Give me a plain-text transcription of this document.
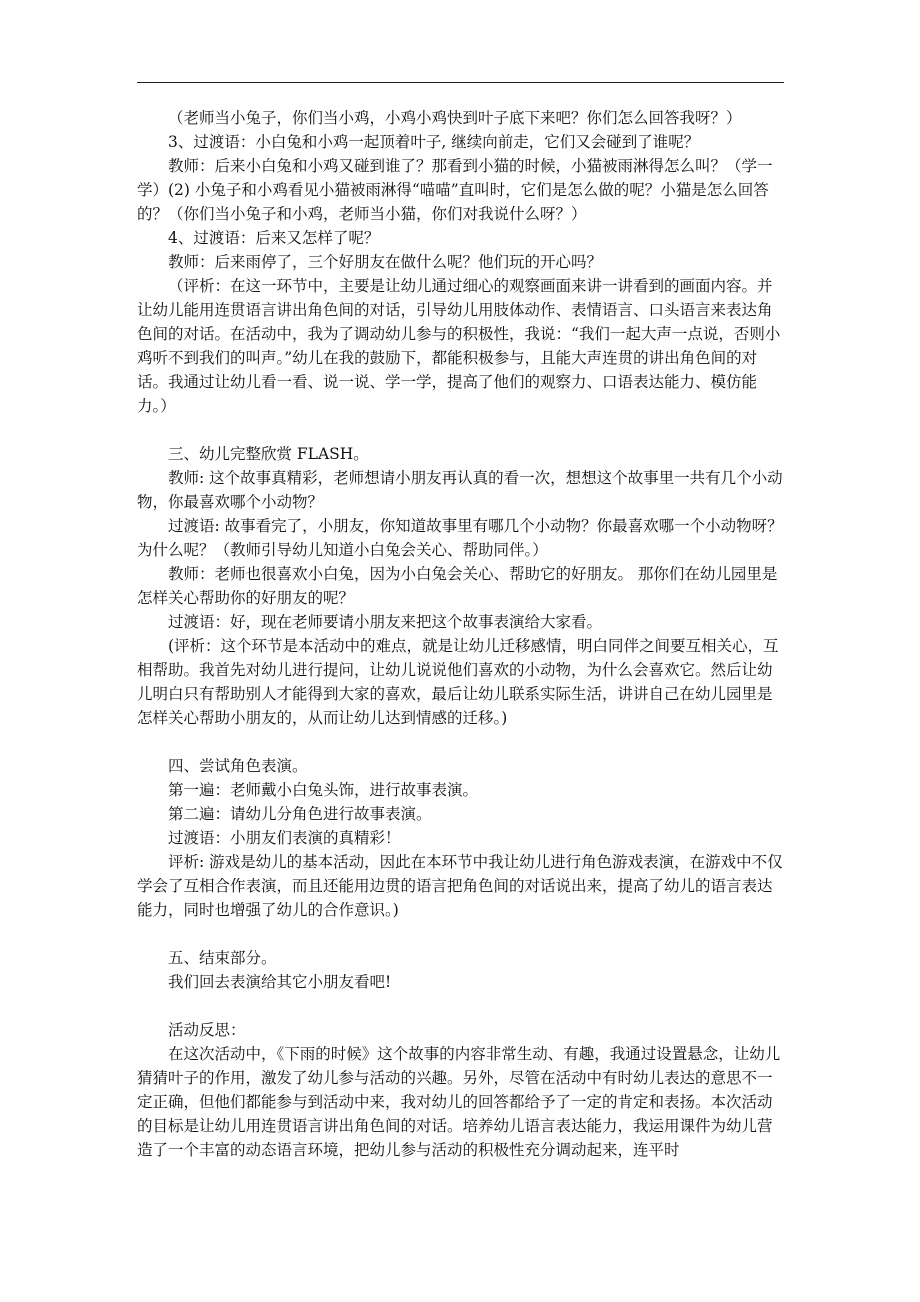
（老师当小兔子，你们当小鸡，小鸡小鸡快到叶子底下来吧？你们怎么回答我呀？）

3、过渡语：小白兔和小鸡一起顶着叶子, 继续向前走，它们又会碰到了谁呢？

教师：后来小白兔和小鸡又碰到谁了？那看到小猫的时候，小猫被雨淋得怎么叫？（学一学）(2) 小兔子和小鸡看见小猫被雨淋得“喵喵”直叫时，它们是怎么做的呢？小猫是怎么回答的？（你们当小兔子和小鸡，老师当小猫，你们对我说什么呀？）

4、过渡语：后来又怎样了呢？

教师：后来雨停了，三个好朋友在做什么呢？他们玩的开心吗？

（评析：在这一环节中，主要是让幼儿通过细心的观察画面来讲一讲看到的画面内容。并让幼儿能用连贯语言讲出角色间的对话，引导幼儿用肢体动作、表情语言、口头语言来表达角色间的对话。在活动中，我为了调动幼儿参与的积极性，我说：“我们一起大声一点说，否则小鸡听不到我们的叫声。”幼儿在我的鼓励下，都能积极参与，且能大声连贯的讲出角色间的对话。我通过让幼儿看一看、说一说、学一学，提高了他们的观察力、口语表达能力、模仿能力。）

三、幼儿完整欣赏 FLASH。

教师: 这个故事真精彩，老师想请小朋友再认真的看一次，想想这个故事里一共有几个小动物，你最喜欢哪个小动物？

过渡语: 故事看完了，小朋友，你知道故事里有哪几个小动物？你最喜欢哪一个小动物呀？为什么呢？（教师引导幼儿知道小白兔会关心、帮助同伴。）

教师：老师也很喜欢小白兔，因为小白兔会关心、帮助它的好朋友。 那你们在幼儿园里是怎样关心帮助你的好朋友的呢？

过渡语：好，现在老师要请小朋友来把这个故事表演给大家看。

(评析：这个环节是本活动中的难点，就是让幼儿迁移感情，明白同伴之间要互相关心，互相帮助。我首先对幼儿进行提问，让幼儿说说他们喜欢的小动物，为什么会喜欢它。然后让幼儿明白只有帮助别人才能得到大家的喜欢，最后让幼儿联系实际生活，讲讲自己在幼儿园里是怎样关心帮助小朋友的，从而让幼儿达到情感的迁移。)

四、尝试角色表演。

第一遍：老师戴小白兔头饰，进行故事表演。

第二遍：请幼儿分角色进行故事表演。

过渡语：小朋友们表演的真精彩！

评析: 游戏是幼儿的基本活动，因此在本环节中我让幼儿进行角色游戏表演，在游戏中不仅学会了互相合作表演，而且还能用边贯的语言把角色间的对话说出来，提高了幼儿的语言表达能力，同时也增强了幼儿的合作意识。)

五、结束部分。

我们回去表演给其它小朋友看吧!

活动反思：

在这次活动中，《下雨的时候》这个故事的内容非常生动、有趣，我通过设置悬念，让幼儿猜猜叶子的作用，激发了幼儿参与活动的兴趣。另外，尽管在活动中有时幼儿表达的意思不一定正确，但他们都能参与到活动中来，我对幼儿的回答都给予了一定的肯定和表扬。本次活动的目标是让幼儿用连贯语言讲出角色间的对话。培养幼儿语言表达能力，我运用课件为幼儿营造了一个丰富的动态语言环境，把幼儿参与活动的积极性充分调动起来，连平时
